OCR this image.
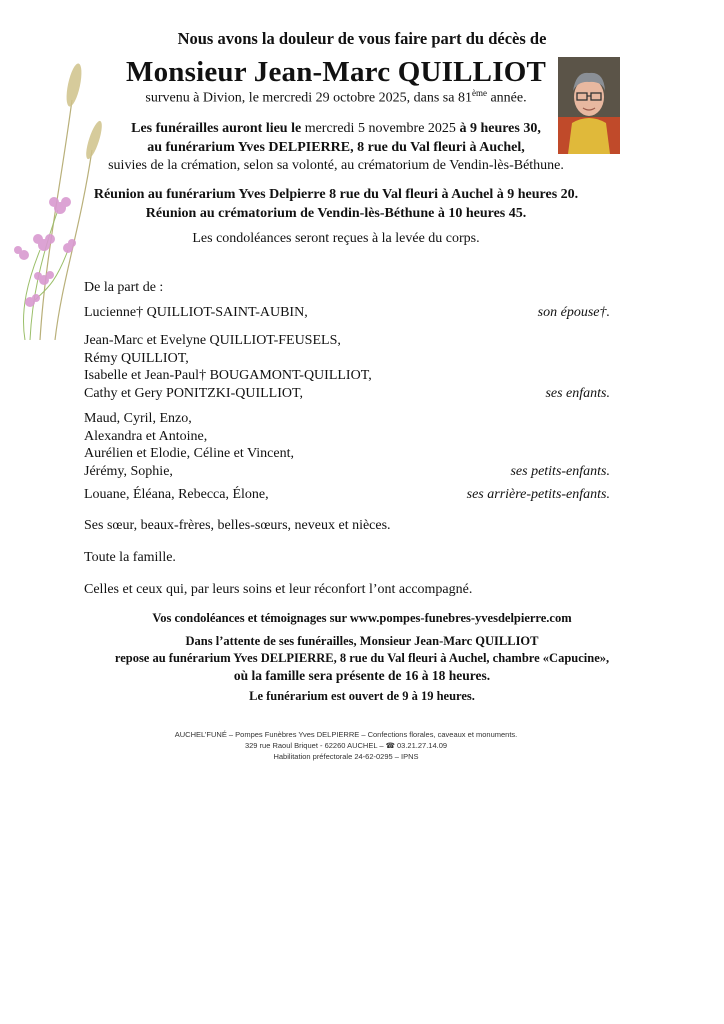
Nous avons la douleur de vous faire part du décès de
Monsieur Jean-Marc QUILLIOT
survenu à Divion, le mercredi 29 octobre 2025, dans sa 81ème année.
Les funérailles auront lieu le mercredi 5 novembre 2025 à 9 heures 30,
au funérarium Yves DELPIERRE, 8 rue du Val fleuri à Auchel,
suivies de la crémation, selon sa volonté, au crématorium de Vendin-lès-Béthune.
Réunion au funérarium Yves Delpierre 8 rue du Val fleuri à Auchel à 9 heures 20.
Réunion au crématorium de Vendin-lès-Béthune à 10 heures 45.
Les condoléances seront reçues à la levée du corps.
De la part de :
Lucienne† QUILLIOT-SAINT-AUBIN,	son épouse†.
Jean-Marc et Evelyne QUILLIOT-FEUSELS,
Rémy QUILLIOT,
Isabelle et Jean-Paul† BOUGAMONT-QUILLIOT,
Cathy et Gery PONITZKI-QUILLIOT,	ses enfants.
Maud, Cyril, Enzo,
Alexandra et Antoine,
Aurélien et Elodie, Céline et Vincent,
Jérémy, Sophie,	ses petits-enfants.
Louane, Éléana, Rebecca, Élone,	ses arrière-petits-enfants.
Ses sœur, beaux-frères, belles-sœurs, neveux et nièces.
Toute la famille.
Celles et ceux qui, par leurs soins et leur réconfort l’ont accompagné.
Vos condoléances et témoignages sur www.pompes-funebres-yvesdelpierre.com
Dans l’attente de ses funérailles, Monsieur Jean-Marc QUILLIOT
repose au funérarium Yves DELPIERRE, 8 rue du Val fleuri à Auchel, chambre «Capucine»,
où la famille sera présente de 16 à 18 heures.
Le funérarium est ouvert de 9 à 19 heures.
AUCHEL’FUNÉ – Pompes Funèbres Yves DELPIERRE – Confections florales, caveaux et monuments.
329 rue Raoul Briquet - 62260 AUCHEL – ☎ 03.21.27.14.09
Habilitation préfectorale 24-62-0295 – IPNS
